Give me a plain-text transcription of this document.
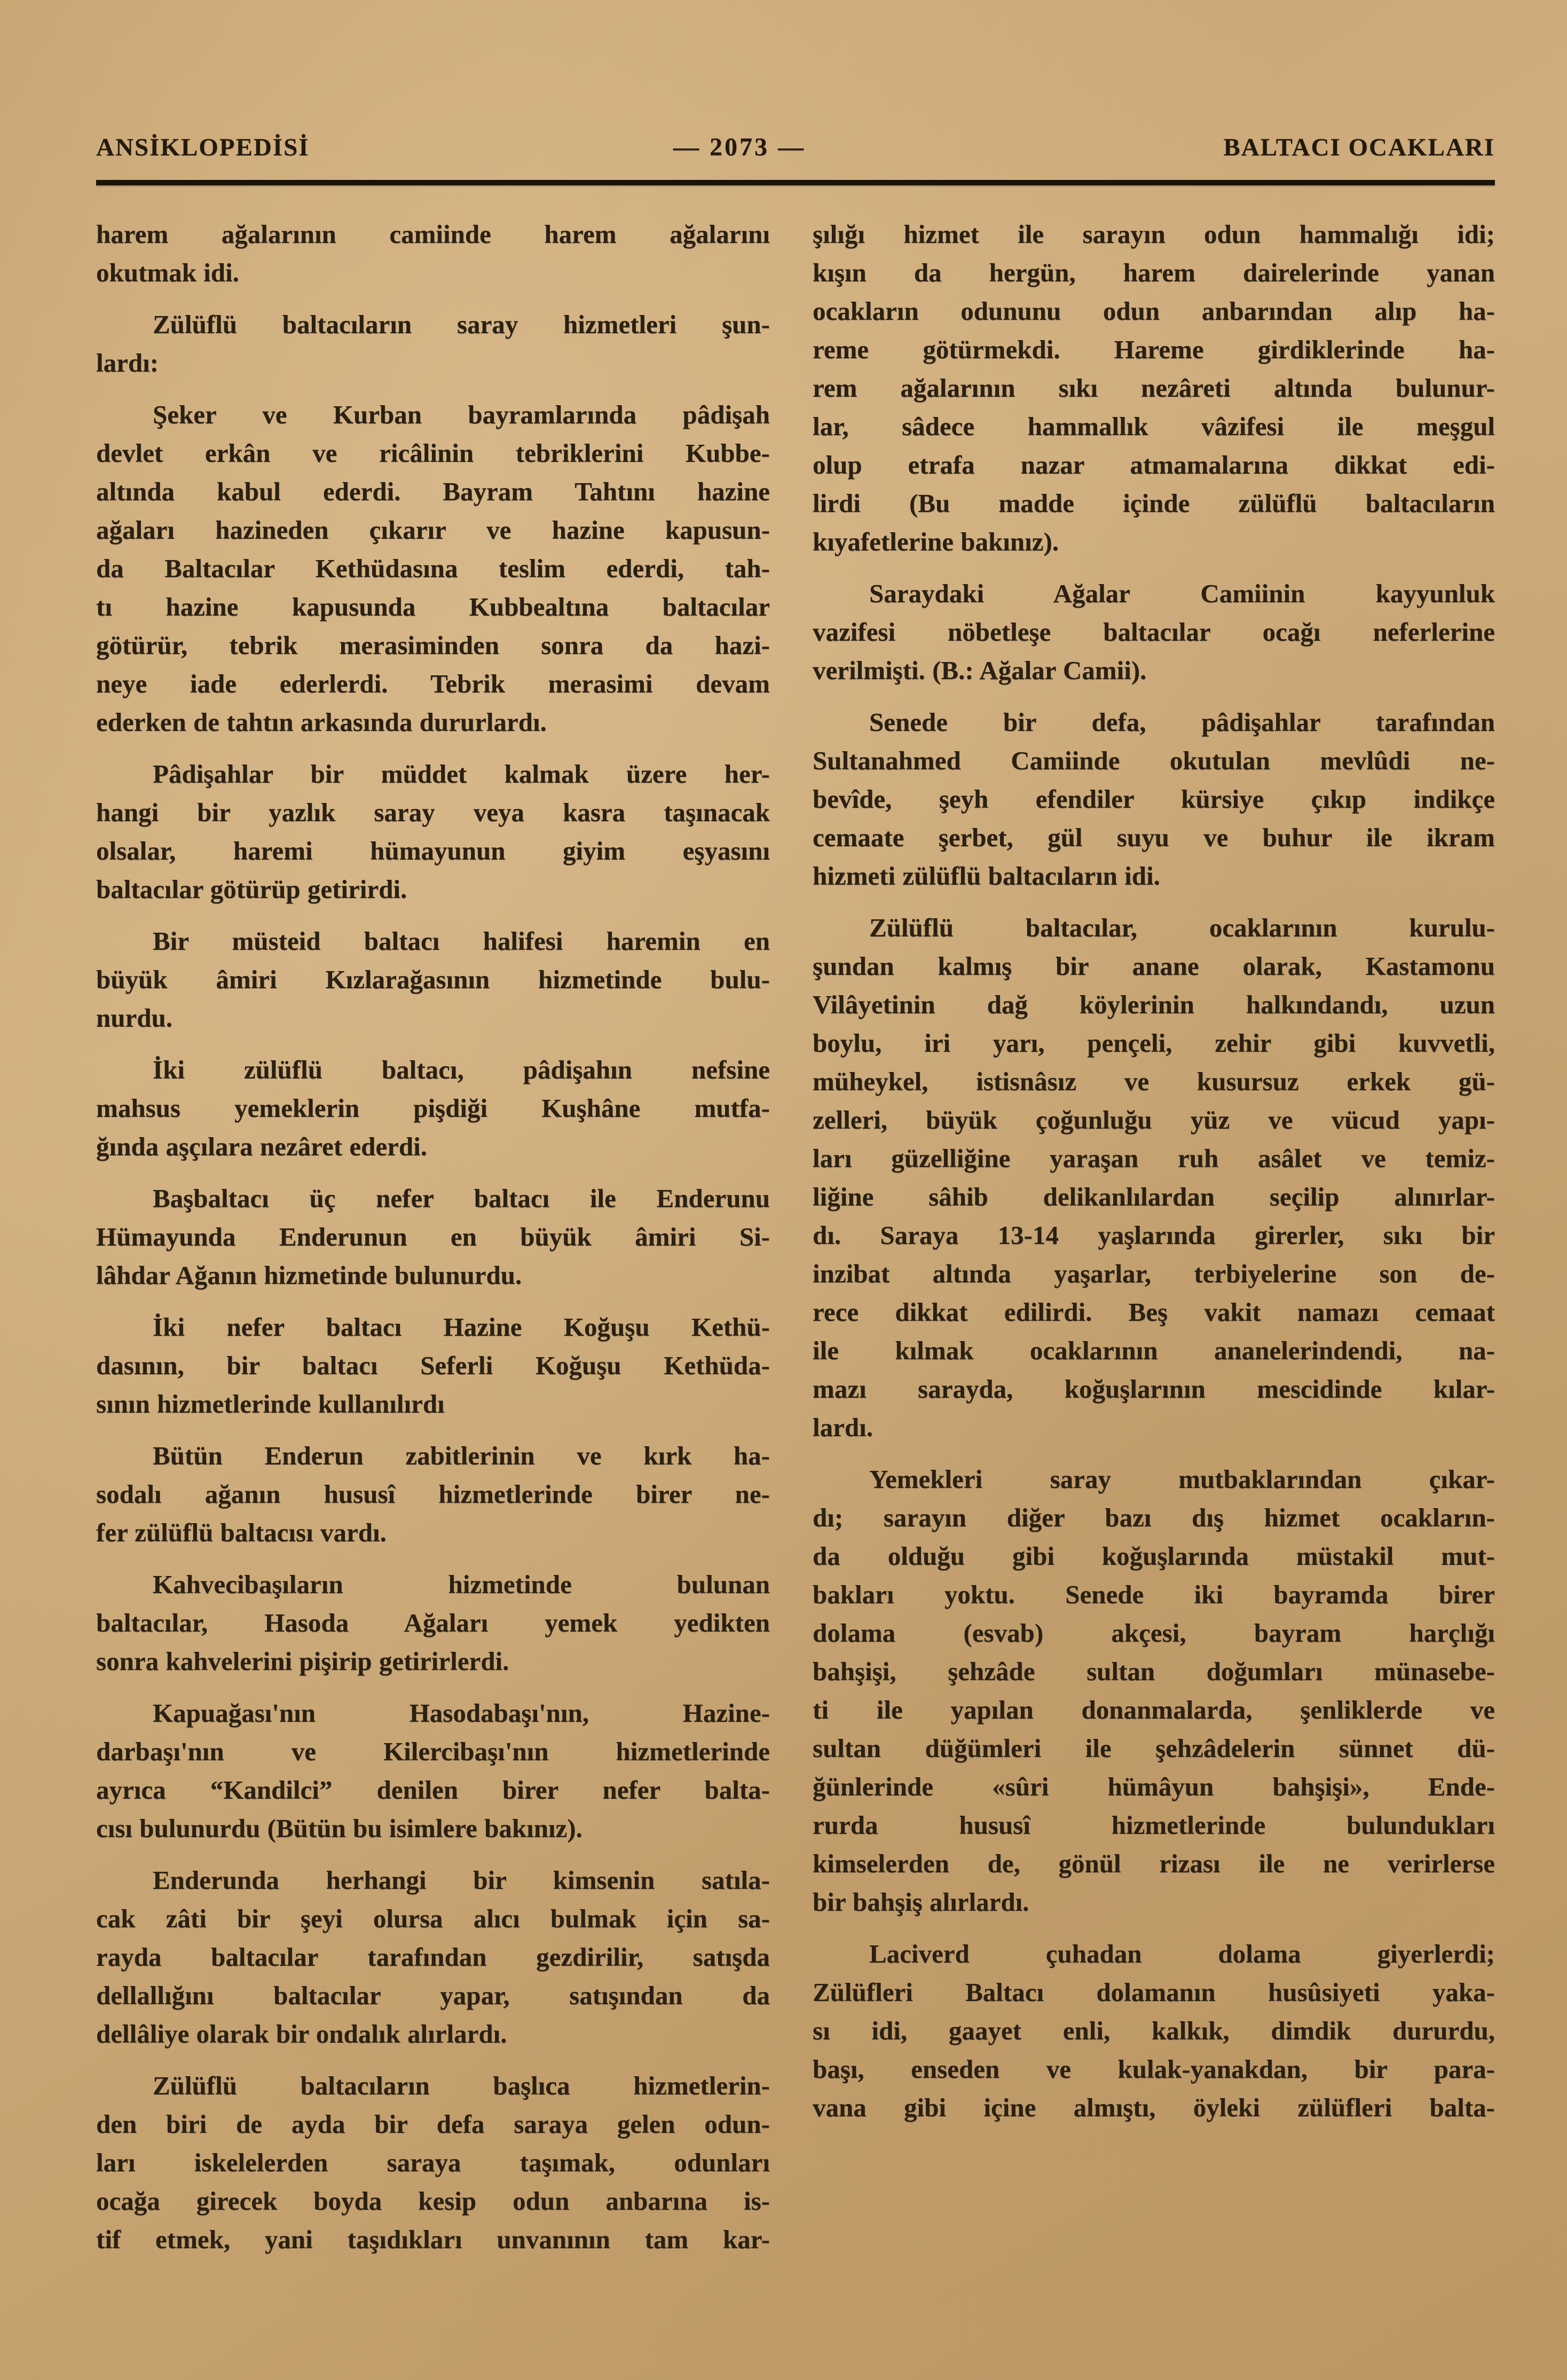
ANSİKLOPEDİSİ	— 2073 —	BALTACI OCAKLARI
harem ağalarının camiinde harem ağalarını
okutmak idi.
Zülüflü baltacıların saray hizmetleri şun-
lardı:
Şeker ve Kurban bayramlarında pâdişah
devlet erkân ve ricâlinin tebriklerini Kubbe-
altında kabul ederdi. Bayram Tahtını hazine
ağaları hazineden çıkarır ve hazine kapusun-
da Baltacılar Kethüdasına teslim ederdi, tah-
tı hazine kapusunda Kubbealtına baltacılar
götürür, tebrik merasiminden sonra da hazi-
neye iade ederlerdi. Tebrik merasimi devam
ederken de tahtın arkasında dururlardı.
Pâdişahlar bir müddet kalmak üzere her-
hangi bir yazlık saray veya kasra taşınacak
olsalar, haremi hümayunun giyim eşyasını
baltacılar götürüp getirirdi.
Bir müsteid baltacı halifesi haremin en
büyük âmiri Kızlarağasının hizmetinde bulu-
nurdu.
İki zülüflü baltacı, pâdişahın nefsine
mahsus yemeklerin pişdiği Kuşhâne mutfa-
ğında aşçılara nezâret ederdi.
Başbaltacı üç nefer baltacı ile Enderunu
Hümayunda Enderunun en büyük âmiri Si-
lâhdar Ağanın hizmetinde bulunurdu.
İki nefer baltacı Hazine Koğuşu Kethü-
dasının, bir baltacı Seferli Koğuşu Kethüda-
sının hizmetlerinde kullanılırdı
Bütün Enderun zabitlerinin ve kırk ha-
sodalı ağanın hususî hizmetlerinde birer ne-
fer zülüflü baltacısı vardı.
Kahvecibaşıların hizmetinde bulunan
baltacılar, Hasoda Ağaları yemek yedikten
sonra kahvelerini pişirip getirirlerdi.
Kapuağası'nın Hasodabaşı'nın, Hazine-
darbaşı'nın ve Kilercibaşı'nın hizmetlerinde
ayrıca “Kandilci” denilen birer nefer balta-
cısı bulunurdu (Bütün bu isimlere bakınız).
Enderunda herhangi bir kimsenin satıla-
cak zâti bir şeyi olursa alıcı bulmak için sa-
rayda baltacılar tarafından gezdirilir, satışda
dellallığını baltacılar yapar, satışından da
dellâliye olarak bir ondalık alırlardı.
Zülüflü baltacıların başlıca hizmetlerin-
den biri de ayda bir defa saraya gelen odun-
ları iskelelerden saraya taşımak, odunları
ocağa girecek boyda kesip odun anbarına is-
tif etmek, yani taşıdıkları unvanının tam kar-
şılığı hizmet ile sarayın odun hammalığı idi;
kışın da hergün, harem dairelerinde yanan
ocakların odununu odun anbarından alıp ha-
reme götürmekdi. Hareme girdiklerinde ha-
rem ağalarının sıkı nezâreti altında bulunur-
lar, sâdece hammallık vâzifesi ile meşgul
olup etrafa nazar atmamalarına dikkat edi-
lirdi (Bu madde içinde zülüflü baltacıların
kıyafetlerine bakınız).
Saraydaki Ağalar Camiinin kayyunluk
vazifesi nöbetleşe baltacılar ocağı neferlerine
verilmişti. (B.: Ağalar Camii).
Senede bir defa, pâdişahlar tarafından
Sultanahmed Camiinde okutulan mevlûdi ne-
bevîde, şeyh efendiler kürsiye çıkıp indikçe
cemaate şerbet, gül suyu ve buhur ile ikram
hizmeti zülüflü baltacıların idi.
Zülüflü baltacılar, ocaklarının kurulu-
şundan kalmış bir anane olarak, Kastamonu
Vilâyetinin dağ köylerinin halkındandı, uzun
boylu, iri yarı, pençeli, zehir gibi kuvvetli,
müheykel, istisnâsız ve kusursuz erkek gü-
zelleri, büyük çoğunluğu yüz ve vücud yapı-
ları güzelliğine yaraşan ruh asâlet ve temiz-
liğine sâhib delikanlılardan seçilip alınırlar-
dı. Saraya 13-14 yaşlarında girerler, sıkı bir
inzibat altında yaşarlar, terbiyelerine son de-
rece dikkat edilirdi. Beş vakit namazı cemaat
ile kılmak ocaklarının ananelerindendi, na-
mazı sarayda, koğuşlarının mescidinde kılar-
lardı.
Yemekleri saray mutbaklarından çıkar-
dı; sarayın diğer bazı dış hizmet ocakların-
da olduğu gibi koğuşlarında müstakil mut-
bakları yoktu. Senede iki bayramda birer
dolama (esvab) akçesi, bayram harçlığı
bahşişi, şehzâde sultan doğumları münasebe-
ti ile yapılan donanmalarda, şenliklerde ve
sultan düğümleri ile şehzâdelerin sünnet dü-
ğünlerinde «sûri hümâyun bahşişi», Ende-
rurda hususî hizmetlerinde bulundukları
kimselerden de, gönül rizası ile ne verirlerse
bir bahşiş alırlardı.
Laciverd çuhadan dolama giyerlerdi;
Zülüfleri Baltacı dolamanın husûsiyeti yaka-
sı idi, gaayet enli, kalkık, dimdik dururdu,
başı, enseden ve kulak-yanakdan, bir para-
vana gibi içine almıştı, öyleki zülüfleri balta-
